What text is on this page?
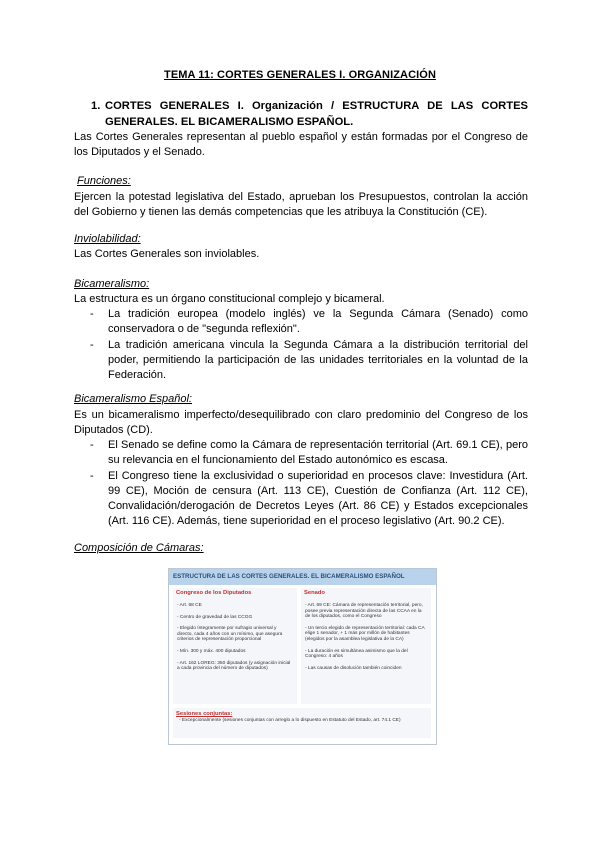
TEMA 11: CORTES GENERALES I. ORGANIZACIÓN
1. CORTES GENERALES I. Organización / ESTRUCTURA DE LAS CORTES GENERALES. EL BICAMERALISMO ESPAÑOL.
Las Cortes Generales representan al pueblo español y están formadas por el Congreso de los Diputados y el Senado.
Funciones:
Ejercen la potestad legislativa del Estado, aprueban los Presupuestos, controlan la acción del Gobierno y tienen las demás competencias que les atribuya la Constitución (CE).
Inviolabilidad:
Las Cortes Generales son inviolables.
Bicameralismo:
La estructura es un órgano constitucional complejo y bicameral.
- La tradición europea (modelo inglés) ve la Segunda Cámara (Senado) como conservadora o de "segunda reflexión".
- La tradición americana vincula la Segunda Cámara a la distribución territorial del poder, permitiendo la participación de las unidades territoriales en la voluntad de la Federación.
Bicameralismo Español:
Es un bicameralismo imperfecto/desequilibrado con claro predominio del Congreso de los Diputados (CD).
- El Senado se define como la Cámara de representación territorial (Art. 69.1 CE), pero su relevancia en el funcionamiento del Estado autonómico es escasa.
- El Congreso tiene la exclusividad o superioridad en procesos clave: Investidura (Art. 99 CE), Moción de censura (Art. 113 CE), Cuestión de Confianza (Art. 112 CE), Convalidación/derogación de Decretos Leyes (Art. 86 CE) y Estados excepcionales (Art. 116 CE). Además, tiene superioridad en el proceso legislativo (Art. 90.2 CE).
Composición de Cámaras:
ESTRUCTURA DE LAS CORTES GENERALES. EL BICAMERALISMO ESPAÑOL
Congreso de los Diputados
- Art. 68 CE
- Centro de gravedad de las CCGG
- Elegido íntegramente por sufragio universal y directo, cada 4 años con un mínimo, que asegura criterios de representación proporcional
- Mín. 300 y máx. 400 diputados
- Art. 162 LOREG: 350 diputados (y asignación inicial a cada provincia del número de diputados)
Senado
- Art. 69 CE: Cámara de representación territorial, pero, posee previa representación directa de las CCAA en la de los diputados, como el Congreso
- Un tercio elegido de representación territorial: cada CA elige 1 senador, + 1 más por millón de habitantes (elegidos por la asamblea legislativa de la CA)
- La duración es simultánea asimismo que la del Congreso: 4 años
- Las causas de disolución también coinciden
Sesiones conjuntas:
- Excepcionalmente (sesiones conjuntas con arreglo a lo dispuesto en Estatuto del Estado, art. 74.1 CE)
